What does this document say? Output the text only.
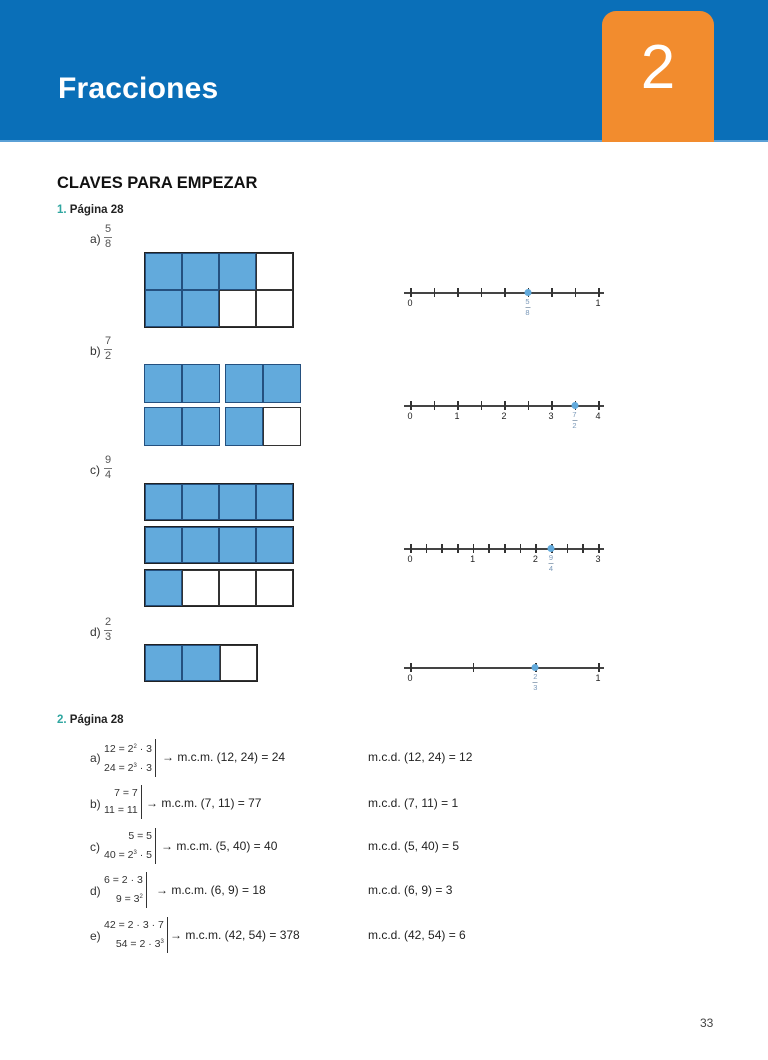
Fracciones	2
CLAVES PARA EMPEZAR
1. Página 28
a)
5
8
0	1
5
8
b)
7
2
0	1	2	3	4
7
2
c)
9
4
0	1	2	3
9
4
d)
2
3
0	1
2
3
2. Página 28
a)
$12 = 2^2 \cdot 3$
$24 = 2^3 \cdot 3$
→ m.c.m. (12, 24) = 24	m.c.d. (12, 24) = 12
b)
7 = 7
11 = 11 → m.c.m. (7, 11) = 77	m.c.d. (7, 11) = 1
c)
5 = 5
$40 = 2^3 \cdot 5$
→ m.c.m. (5, 40) = 40	m.c.d. (5, 40) = 5
d)
6 = 2 · 3
$9 = 3^2 \to m.c.m$. (6, 9) = 18	m.c.d. (6, 9) = 3
e)
42 = 2 · 3 · 7
$54 = 2 \cdot 3^3 \to m.c.m$. (42, 54) = 378	m.c.d. (42, 54) = 6
33
